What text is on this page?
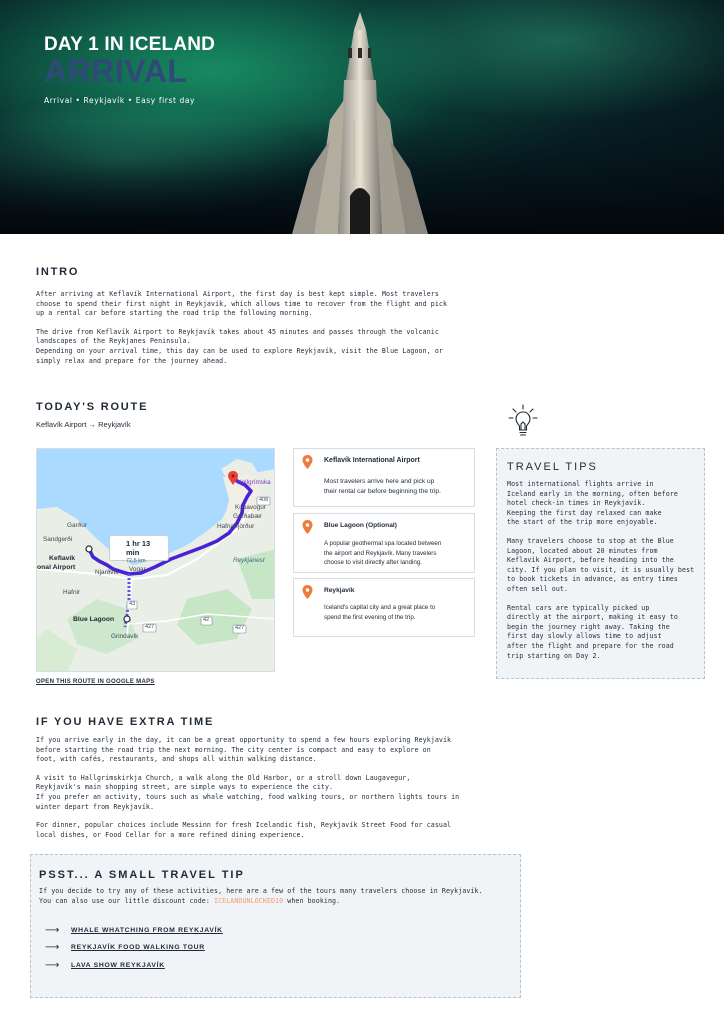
DAY 1 IN ICELAND
ARRIVAL
Arrival • Reykjavík • Easy first day
INTRO
After arriving at Keflavík International Airport, the first day is best kept simple. Most travelers
choose to spend their first night in Reykjavík, which allows time to recover from the flight and pick
up a rental car before starting the road trip the following morning.
The drive from Keflavík Airport to Reykjavík takes about 45 minutes and passes through the volcanic
landscapes of the Reykjanes Peninsula.
Depending on your arrival time, this day can be used to explore Reykjavík, visit the Blue Lagoon, or
simply relax and prepare for the journey ahead.
TODAY'S ROUTE
Keflavík Airport → Reykjavík
1 hr 13 min
72,5 km
Hallgrímska
Kópavogur
Garðabær
Hafnarfjörður
Garður
Sandgerði
Keflavík
onal Airport
Njarðvík Vogar
Hafnir
Blue Lagoon
Grindavík
Reykjanest
408
43
427
42
427
OPEN THIS ROUTE IN GOOGLE MAPS
Keflavík International Airport
Most travelers arrive here and pick up
their rental car before beginning the trip.
Blue Lagoon (Optional)
A popular geothermal spa located between
the airport and Reykjavík. Many travelers
choose to visit directly after landing.
Reykjavík
Iceland's capital city and a great place to
spend the first evening of the trip.
TRAVEL TIPS
Most international flights arrive in
Iceland early in the morning, often before
hotel check-in times in Reykjavík.
Keeping the first day relaxed can make
the start of the trip more enjoyable.
Many travelers choose to stop at the Blue
Lagoon, located about 20 minutes from
Keflavík Airport, before heading into the
city. If you plan to visit, it is usually best
to book tickets in advance, as entry times
often sell out.
Rental cars are typically picked up
directly at the airport, making it easy to
begin the journey right away. Taking the
first day slowly allows time to adjust
after the flight and prepare for the road
trip starting on Day 2.
IF YOU HAVE EXTRA TIME
If you arrive early in the day, it can be a great opportunity to spend a few hours exploring Reykjavík
before starting the road trip the next morning. The city center is compact and easy to explore on
foot, with cafés, restaurants, and shops all within walking distance.
A visit to Hallgrímskirkja Church, a walk along the Old Harbor, or a stroll down Laugavegur,
Reykjavík's main shopping street, are simple ways to experience the city.
If you prefer an activity, tours such as whale watching, food walking tours, or northern lights tours in
winter depart from Reykjavík.
For dinner, popular choices include Messinn for fresh Icelandic fish, Reykjavík Street Food for casual
local dishes, or Food Cellar for a more refined dining experience.
PSST... A SMALL TRAVEL TIP
If you decide to try any of these activities, here are a few of the tours many travelers choose in Reykjavík.
You can also use our little discount code: ICELANDUNLOCKED10 when booking.
⟶	WHALE WHATCHING FROM REYKJAVÍK
⟶	REYKJAVÍK FOOD WALKING TOUR
⟶	LAVA SHOW REYKJAVÍK
